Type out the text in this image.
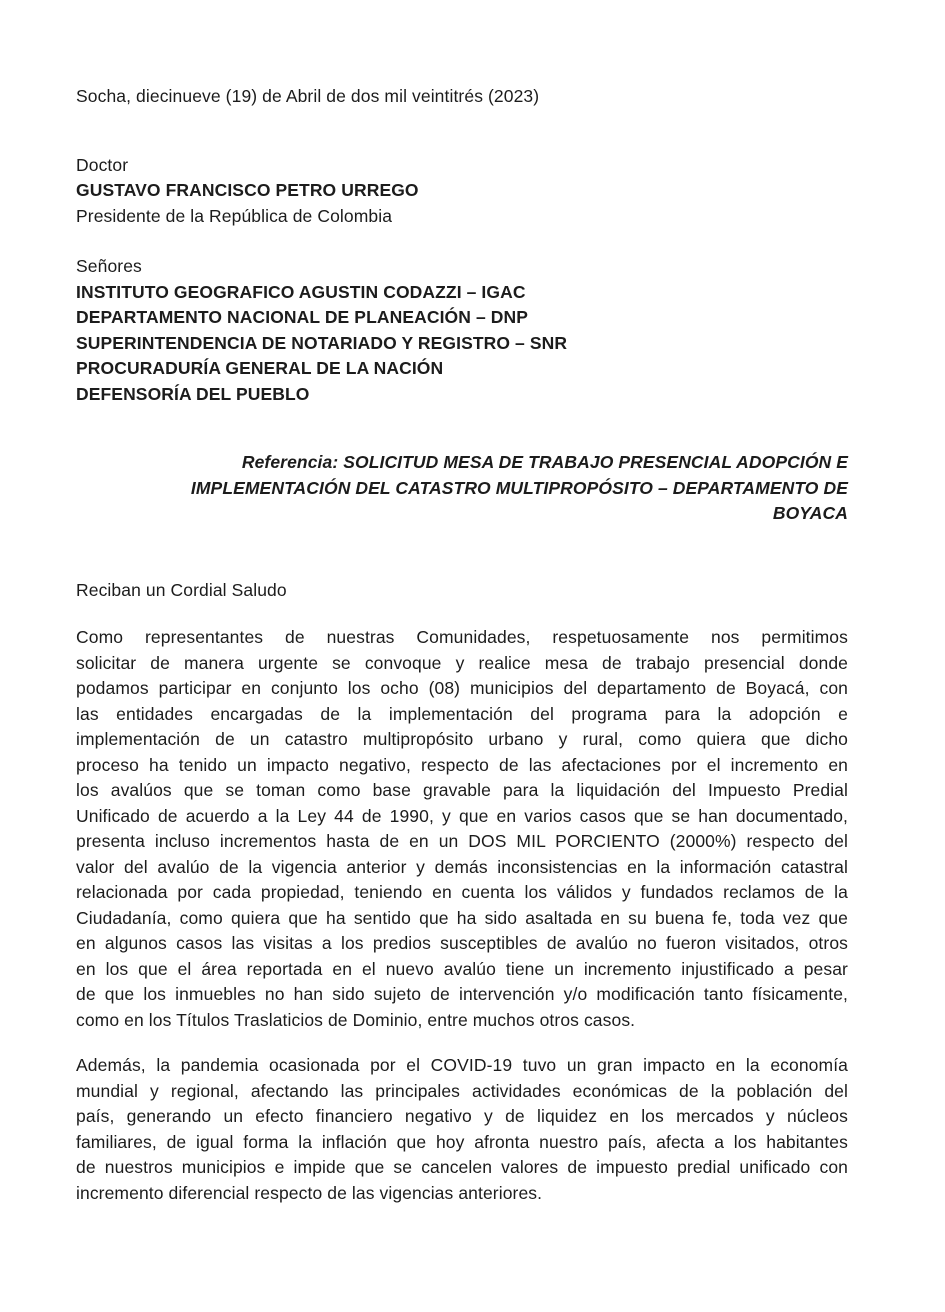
Socha, diecinueve (19) de Abril de dos mil veintitrés (2023)
Doctor
GUSTAVO FRANCISCO PETRO URREGO
Presidente de la República de Colombia
Señores
INSTITUTO GEOGRAFICO AGUSTIN CODAZZI – IGAC
DEPARTAMENTO NACIONAL DE PLANEACIÓN – DNP
SUPERINTENDENCIA DE NOTARIADO Y REGISTRO – SNR
PROCURADURÍA GENERAL DE LA NACIÓN
DEFENSORÍA DEL PUEBLO
Referencia: SOLICITUD MESA DE TRABAJO PRESENCIAL ADOPCIÓN E
IMPLEMENTACIÓN DEL CATASTRO MULTIPROPÓSITO – DEPARTAMENTO DE
BOYACA
Reciban un Cordial Saludo
Como representantes de nuestras Comunidades, respetuosamente nos permitimos
solicitar de manera urgente se convoque y realice mesa de trabajo presencial donde
podamos participar en conjunto los ocho (08) municipios del departamento de Boyacá, con
las entidades encargadas de la implementación del programa para la adopción e
implementación de un catastro multipropósito urbano y rural, como quiera que dicho
proceso ha tenido un impacto negativo, respecto de las afectaciones por el incremento en
los avalúos que se toman como base gravable para la liquidación del Impuesto Predial
Unificado de acuerdo a la Ley 44 de 1990, y que en varios casos que se han documentado,
presenta incluso incrementos hasta de en un DOS MIL PORCIENTO (2000%) respecto del
valor del avalúo de la vigencia anterior y demás inconsistencias en la información catastral
relacionada por cada propiedad, teniendo en cuenta los válidos y fundados reclamos de la
Ciudadanía, como quiera que ha sentido que ha sido asaltada en su buena fe, toda vez que
en algunos casos las visitas a los predios susceptibles de avalúo no fueron visitados, otros
en los que el área reportada en el nuevo avalúo tiene un incremento injustificado a pesar
de que los inmuebles no han sido sujeto de intervención y/o modificación tanto físicamente,
como en los Títulos Traslaticios de Dominio, entre muchos otros casos.
Además, la pandemia ocasionada por el COVID-19 tuvo un gran impacto en la economía
mundial y regional, afectando las principales actividades económicas de la población del
país, generando un efecto financiero negativo y de liquidez en los mercados y núcleos
familiares, de igual forma la inflación que hoy afronta nuestro país, afecta a los habitantes
de nuestros municipios e impide que se cancelen valores de impuesto predial unificado con
incremento diferencial respecto de las vigencias anteriores.
